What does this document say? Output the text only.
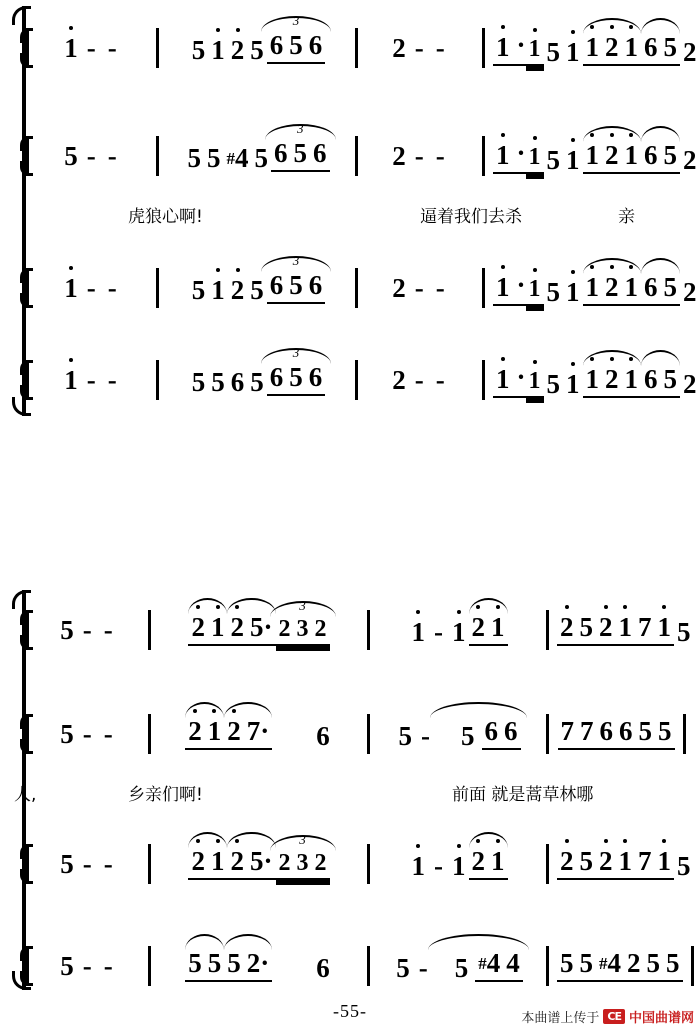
1 - -	5 1 2 5
3
6 5 6	2 - - 1
· 1 5 1 1 2 1 6 5 2
5 - -	5 5 #4 5
3
6 5 6 2 - - 1
· 1 5 1 1 2 1 6 5 2
虎狼心啊!	逼着我们去杀	亲
1 - -	5 1 2 5
3
6 5 6	2 - - 1
· 1 5 1 1 2 1 6 5 2
1 - -	5 5 6 5
3
6 5 6	2 - - 1
· 1 5 1 1 2 1 6 5 2
5 - -	2 1 2 5 ·
3
2 3 2	1 - 1 2 1 2 5 2 1 7 1 5
5 - -	2 1 2 7 ·	6	5 -	5 6 6 7 7 6 6 5 5
人,	乡亲们啊!	前面 就是蒿草林哪
5 - -	2 1 2 5 ·
3
2 3 2	1 - 1 2 1 2 5 2 1 7 1 5
5 - -	5 5 5 2 ·	6 5 -	5 #4 4 5 5 #4 2 5 5
-55-	本曲谱上传于 CE 中国曲谱网
